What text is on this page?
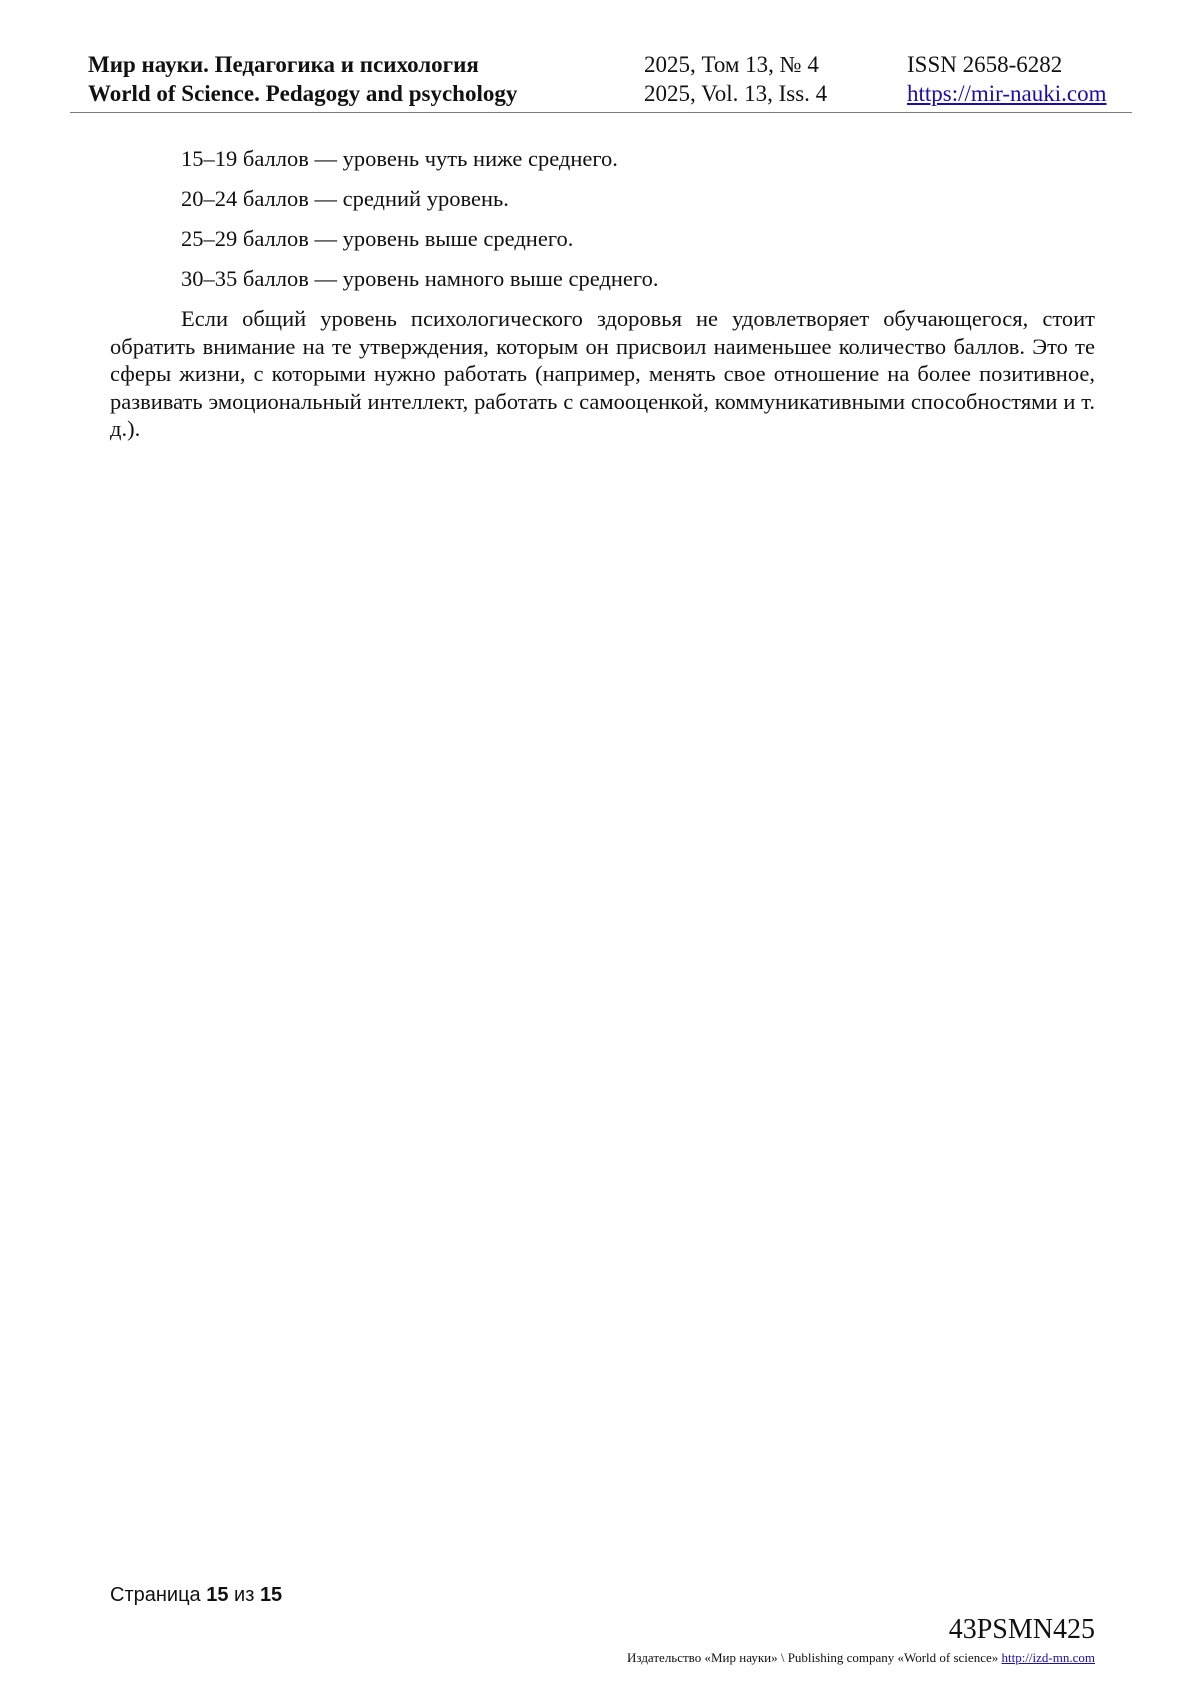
Мир науки. Педагогика и психология
World of Science. Pedagogy and psychology
2025, Том 13, № 4
2025, Vol. 13, Iss. 4
ISSN 2658-6282
https://mir-nauki.com

15–19 баллов — уровень чуть ниже среднего.

20–24 баллов — средний уровень.

25–29 баллов — уровень выше среднего.

30–35 баллов — уровень намного выше среднего.

Если общий уровень психологического здоровья не удовлетворяет обучающегося, стоит обратить внимание на те утверждения, которым он присвоил наименьшее количество баллов. Это те сферы жизни, с которыми нужно работать (например, менять свое отношение на более позитивное, развивать эмоциональный интеллект, работать с самооценкой, коммуникативными способностями и т. д.).

Страница 15 из 15
43PSMN425
Издательство «Мир науки» \ Publishing company «World of science» http://izd-mn.com
